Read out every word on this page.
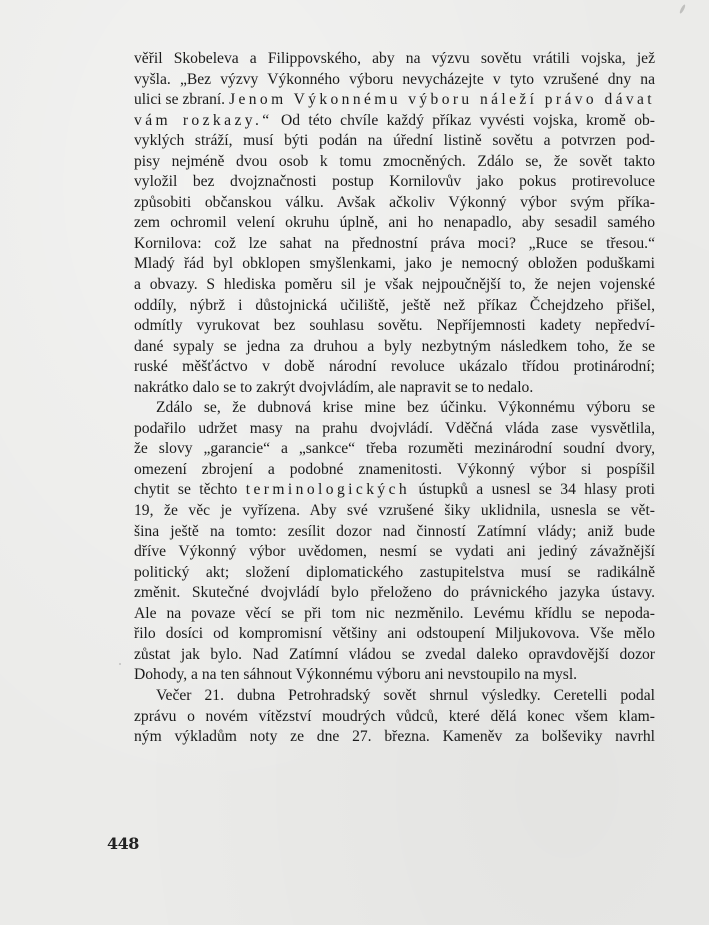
věřil Skobeleva a Filippovského, aby na výzvu sovětu vrátili vojska, jež
vyšla. „Bez výzvy Výkonného výboru nevycházejte v tyto vzrušené dny na
ulici se zbraní. Jenom Výkonnému výboru náleží právo dávat
vám rozkazy.“ Od této chvíle každý příkaz vyvésti vojska, kromě ob-
vyklých stráží, musí býti podán na úřední listině sovětu a potvrzen pod-
pisy nejméně dvou osob k tomu zmocněných. Zdálo se, že sovět takto
vyložil bez dvojznačnosti postup Kornilovův jako pokus protirevoluce
způsobiti občanskou válku. Avšak ačkoliv Výkonný výbor svým příka-
zem ochromil velení okruhu úplně, ani ho nenapadlo, aby sesadil samého
Kornilova: což lze sahat na přednostní práva moci? „Ruce se třesou.“
Mladý řád byl obklopen smyšlenkami, jako je nemocný obložen poduškami
a obvazy. S hlediska poměru sil je však nejpoučnější to, že nejen vojenské
oddíly, nýbrž i důstojnická učiliště, ještě než příkaz Čchejdzeho přišel,
odmítly vyrukovat bez souhlasu sovětu. Nepříjemnosti kadety nepředví-
dané sypaly se jedna za druhou a byly nezbytným následkem toho, že se
ruské měšťáctvo v době národní revoluce ukázalo třídou protinárodní;
nakrátko dalo se to zakrýt dvojvládím, ale napravit se to nedalo.
Zdálo se, že dubnová krise mine bez účinku. Výkonnému výboru se
podařilo udržet masy na prahu dvojvládí. Vděčná vláda zase vysvětlila,
že slovy „garancie“ a „sankce“ třeba rozuměti mezinárodní soudní dvory,
omezení zbrojení a podobné znamenitosti. Výkonný výbor si pospíšil
chytit se těchto terminologických ústupků a usnesl se 34 hlasy proti
19, že věc je vyřízena. Aby své vzrušené šiky uklidnila, usnesla se vět-
šina ještě na tomto: zesílit dozor nad činností Zatímní vlády; aniž bude
dříve Výkonný výbor uvědomen, nesmí se vydati ani jediný závažnější
politický akt; složení diplomatického zastupitelstva musí se radikálně
změnit. Skutečné dvojvládí bylo přeloženo do právnického jazyka ústavy.
Ale na povaze věcí se při tom nic nezměnilo. Levému křídlu se nepoda-
řilo dosíci od kompromisní většiny ani odstoupení Miljukovova. Vše mělo
zůstat jak bylo. Nad Zatímní vládou se zvedal daleko opravdovější dozor
Dohody, a na ten sáhnout Výkonnému výboru ani nevstoupilo na mysl.
Večer 21. dubna Petrohradský sovět shrnul výsledky. Ceretelli podal
zprávu o novém vítězství moudrých vůdců, které dělá konec všem klam-
ným výkladům noty ze dne 27. března. Kameněv za bolševiky navrhl
448
